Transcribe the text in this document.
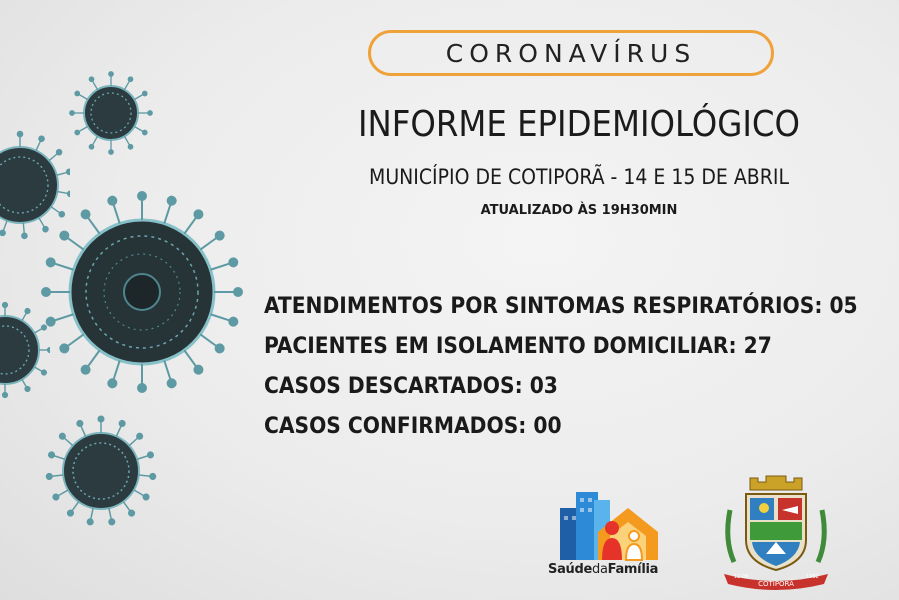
CORONAVÍRUS
INFORME EPIDEMIOLÓGICO
MUNICÍPIO DE COTIPORÃ - 14 E 15 DE ABRIL
ATUALIZADO ÀS 19H30MIN
ATENDIMENTOS POR SINTOMAS RESPIRATÓRIOS: 05
PACIENTES EM ISOLAMENTO DOMICILIAR: 27
CASOS DESCARTADOS: 03
CASOS CONFIRMADOS: 00
SaúdedaFamília
COTIPORÃ
12-06	1982
